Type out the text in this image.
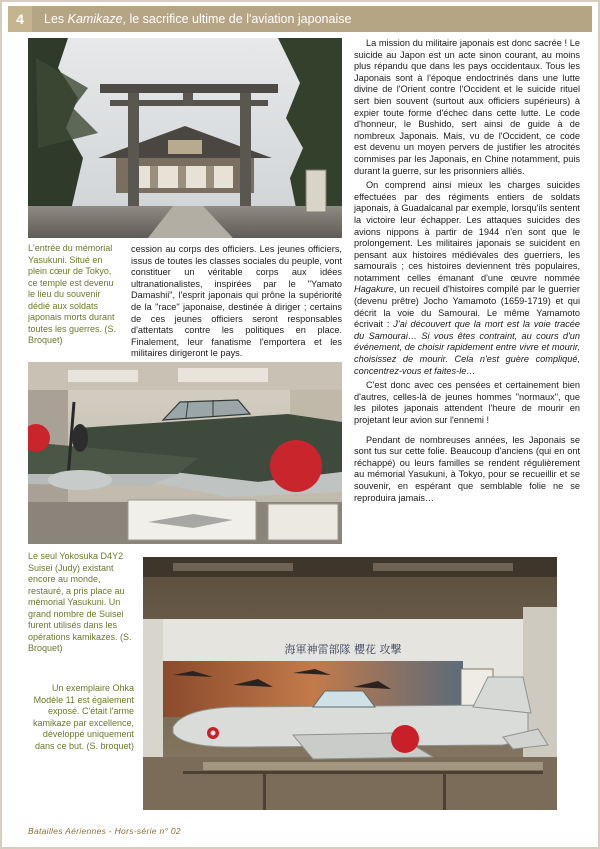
4	Les Kamikaze, le sacrifice ultime de l'aviation japonaise
L'entrée du mémorial Yasukuni. Situé en plein cœur de Tokyo, ce temple est devenu le lieu du souvenir dédié aux soldats japonais morts durant toutes les guerres. (S. Broquet)

cession au corps des officiers. Les jeunes officiers, issus de toutes les classes sociales du peuple, vont constituer un véritable corps aux idées ultranationalistes, inspirées par le "Yamato Damashii", l'esprit japonais qui prône la supériorité de la "race" japonaise, destinée à diriger ; certains de ces jeunes officiers seront responsables d'attentats contre les politiques en place. Finalement, leur fanatisme l'emportera et les militaires dirigeront le pays.

Le seul Yokosuka D4Y2 Suisei (Judy) existant encore au monde, restauré, a pris place au mémorial Yasukuni. Un grand nombre de Suisei furent utilisés dans les opérations kamikazes. (S. Broquet)
Un exemplaire Ohka Modèle 11 est également exposé. C'était l'arme kamikaze par excellence, développé uniquement dans ce but. (S. broquet)
海軍神雷部隊 櫻花 攻撃

La mission du militaire japonais est donc sacrée ! Le suicide au Japon est un acte sinon courant, au moins plus répandu que dans les pays occidentaux. Tous les Japonais sont à l'époque endoctrinés dans une lutte divine de l'Orient contre l'Occident et le suicide rituel sert bien souvent (surtout aux officiers supérieurs) à expier toute forme d'échec dans cette lutte. Le code d'honneur, le Bushido, sert ainsi de guide à de nombreux Japonais. Mais, vu de l'Occident, ce code est devenu un moyen pervers de justifier les atrocités commises par les Japonais, en Chine notamment, puis durant la guerre, sur les prisonniers alliés.

On comprend ainsi mieux les charges suicides effectuées par des régiments entiers de soldats japonais, à Guadalcanal par exemple, lorsqu'ils sentent la victoire leur échapper. Les attaques suicides des avions nippons à partir de 1944 n'en sont que le prolongement. Les militaires japonais se suicident en pensant aux histoires médiévales des guerriers, les samouraïs ; ces histoires deviennent très populaires, notamment celles émanant d'une œuvre nommée Hagakure, un recueil d'histoires compilé par le guerrier (devenu prêtre) Jocho Yamamoto (1659-1719) et qui décrit la voie du Samourai. Le même Yamamoto écrivait : J'ai découvert que la mort est la voie tracée du Samourai… Si vous êtes contraint, au cours d'un événement, de choisir rapidement entre vivre et mourir, choisissez de mourir. Cela n'est guère compliqué, concentrez-vous et faites-le…

C'est donc avec ces pensées et certainement bien d'autres, celles-là de jeunes hommes "normaux", que les pilotes japonais attendent l'heure de mourir en projetant leur avion sur l'ennemi !

Pendant de nombreuses années, les Japonais se sont tus sur cette folie. Beaucoup d'anciens (qui en ont réchappé) ou leurs familles se rendent régulièrement au mémorial Yasukuni, à Tokyo, pour se recueillir et se souvenir, en espérant que semblable folie ne se reproduira jamais…

Batailles Aériennes - Hors-série n° 02
